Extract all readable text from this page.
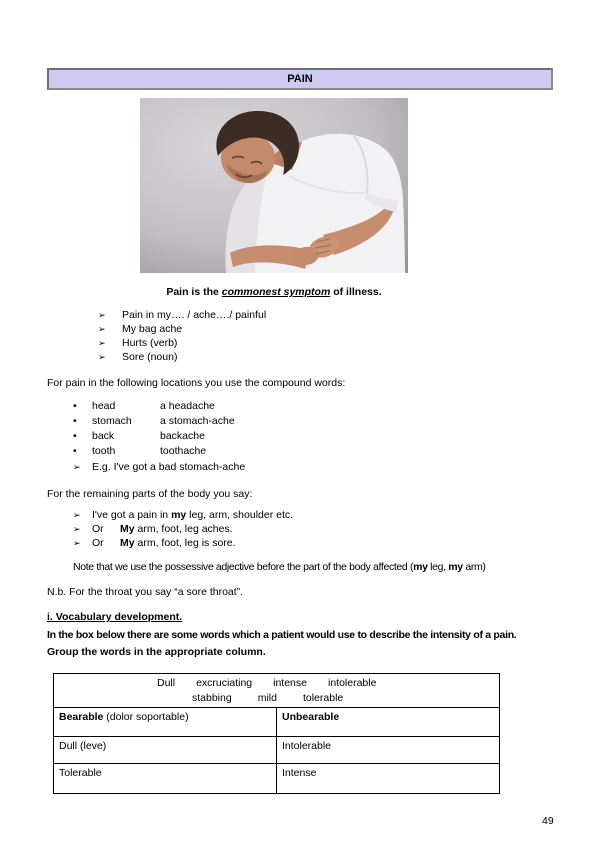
PAIN
Pain is the commonest symptom of illness.
➢	Pain in my…. / ache…./ painful
➢	My bag ache
➢	Hurts (verb)
➢	Sore (noun)
For pain in the following locations you use the compound words:
•	head	a headache
•	stomach	a stomach-ache
•	back	backache
•	tooth	toothache
➢	E.g. I've got a bad stomach-ache
For the remaining parts of the body you say:
➢	I've got a pain in my leg, arm, shoulder etc.
➢	Or My arm, foot, leg aches.
➢	Or My arm, foot, leg is sore.
Note that we use the possessive adjective before the part of the body affected (my leg, my arm)
N.b. For the throat you say “a sore throat”.
i. Vocabulary development.
In the box below there are some words which a patient would use to describe the intensity of a pain.
Group the words in the appropriate column.
Dull excruciating intense intolerable
stabbing mild tolerable

Bearable (dolor soportable)	Unbearable
Dull (leve)	Intolerable
Tolerable	Intense
49
